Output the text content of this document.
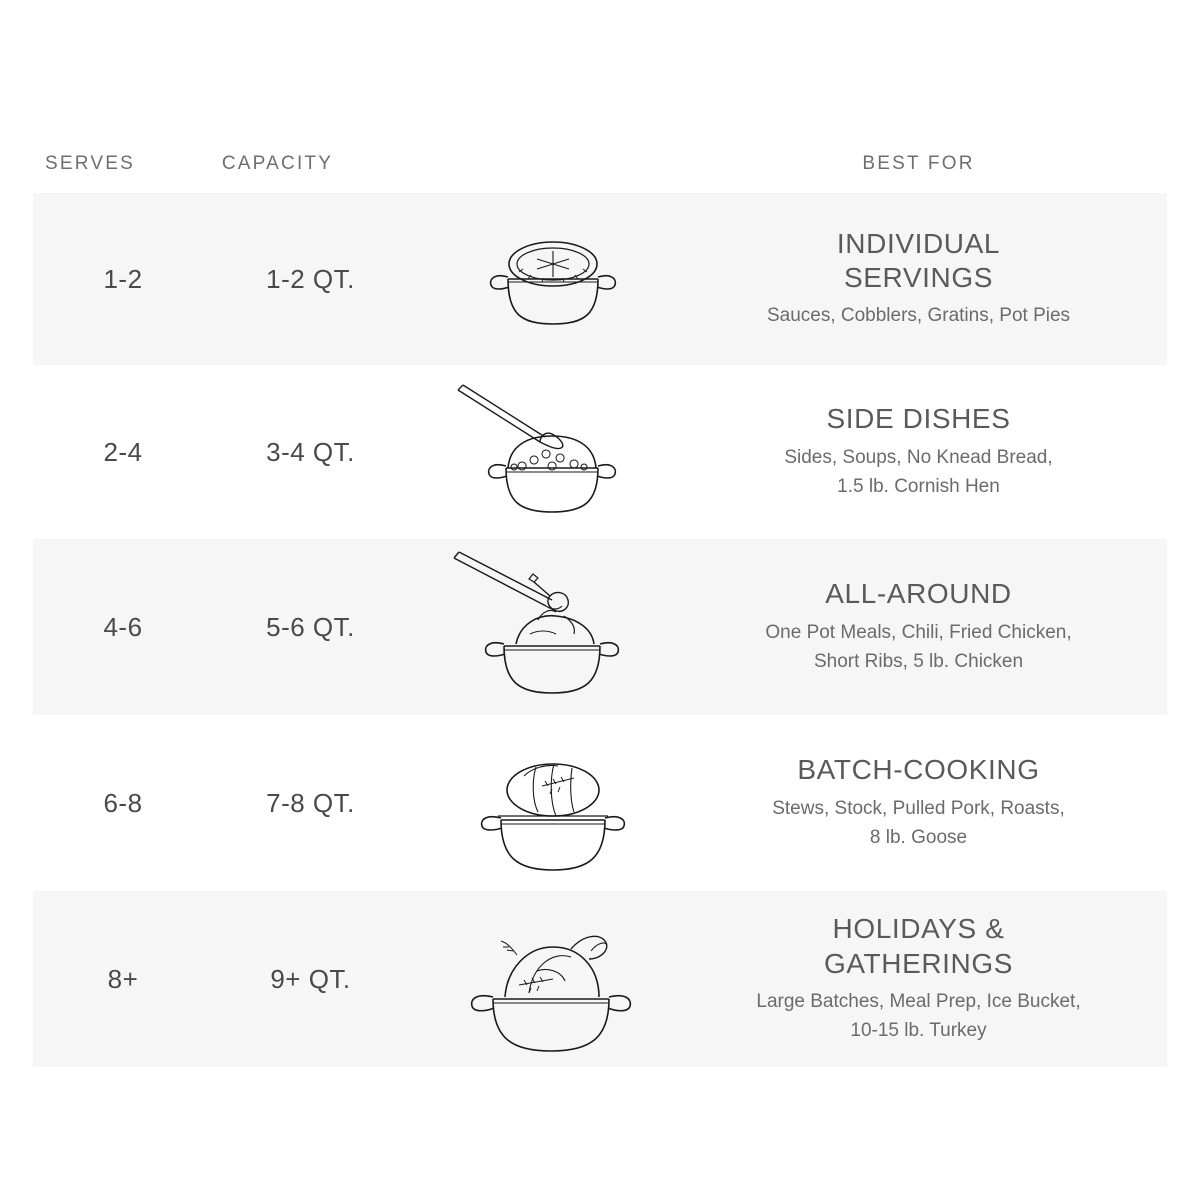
SERVES	CAPACITY	BEST FOR
1-2	1-2 QT.
INDIVIDUAL
SERVINGS
Sauces, Cobblers, Gratins, Pot Pies
2-4	3-4 QT.
SIDE DISHES
Sides, Soups, No Knead Bread,
1.5 lb. Cornish Hen
4-6	5-6 QT.
ALL-AROUND
One Pot Meals, Chili, Fried Chicken,
Short Ribs, 5 lb. Chicken
6-8	7-8 QT.
BATCH-COOKING
Stews, Stock, Pulled Pork, Roasts,
8 lb. Goose
8+	9+ QT.
HOLIDAYS &
GATHERINGS
Large Batches, Meal Prep, Ice Bucket,
10-15 lb. Turkey
